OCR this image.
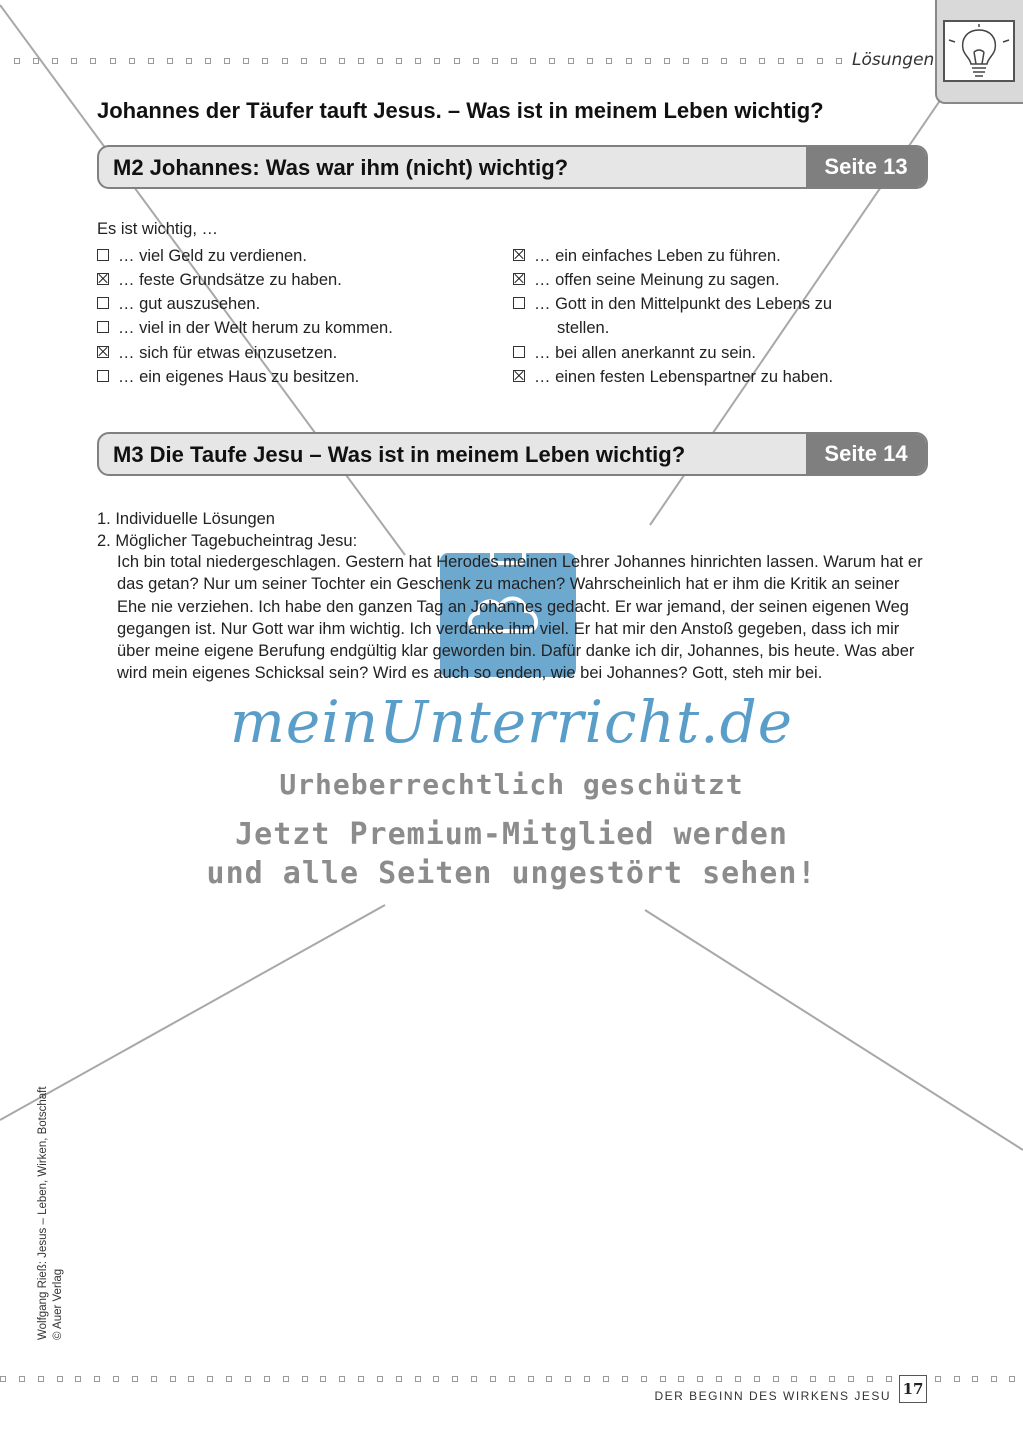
Lösungen
Johannes der Täufer tauft Jesus. – Was ist in meinem Leben wichtig?
M2 Johannes: Was war ihm (nicht) wichtig?	Seite 13
Es ist wichtig, …
… viel Geld zu verdienen.
… feste Grundsätze zu haben.
… gut auszusehen.
… viel in der Welt herum zu kommen.
… sich für etwas einzusetzen.
… ein eigenes Haus zu besitzen.
… ein einfaches Leben zu führen.
… offen seine Meinung zu sagen.
… Gott in den Mittelpunkt des Lebens zu
stellen.
… bei allen anerkannt zu sein.
… einen festen Lebenspartner zu haben.
M3 Die Taufe Jesu – Was ist in meinem Leben wichtig?	Seite 14
1. Individuelle Lösungen
2. Möglicher Tagebucheintrag Jesu:
Ich bin total niedergeschlagen. Gestern hat Herodes meinen Lehrer Johannes hinrichten lassen. Warum hat er das getan? Nur um seiner Tochter ein Geschenk zu machen? Wahrscheinlich hat er ihm die Kritik an seiner Ehe nie verziehen. Ich habe den ganzen Tag an Johannes gedacht. Er war jemand, der seinen eigenen Weg gegangen ist. Nur Gott war ihm wichtig. Ich verdanke ihm viel. Er hat mir den Anstoß gegeben, dass ich mir über meine eigene Berufung endgültig klar geworden bin. Dafür danke ich dir, Johannes, bis heute. Was aber wird mein eigenes Schicksal sein? Wird es auch so enden, wie bei Johannes? Gott, steh mir bei.
meinUnterricht.de
Urheberrechtlich geschützt
Jetzt Premium-Mitglied werden
und alle Seiten ungestört sehen!
Wolfgang Rieß: Jesus – Leben, Wirken, Botschaft © Auer Verlag
DER BEGINN DES WIRKENS JESU 17
